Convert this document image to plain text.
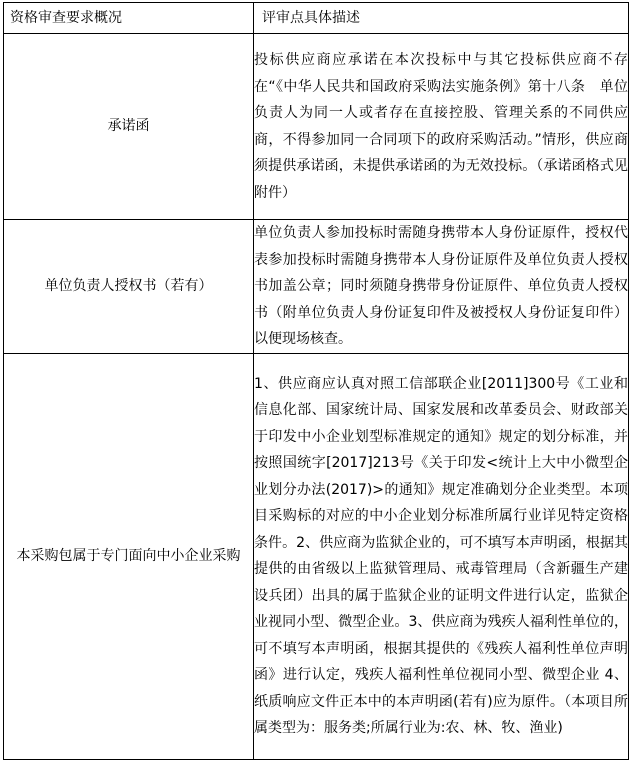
资格审查要求概况	评审点具体描述
承诺函	投标供应商应承诺在本次投标中与其它投标供应商不存在“《中华人民共和国政府采购法实施条例》第十八条　单位负责人为同一人或者存在直接控股、管理关系的不同供应商，不得参加同一合同项下的政府采购活动。”情形，供应商须提供承诺函，未提供承诺函的为无效投标。（承诺函格式见附件）
单位负责人授权书（若有）	单位负责人参加投标时需随身携带本人身份证原件，授权代表参加投标时需随身携带本人身份证原件及单位负责人授权书加盖公章；同时须随身携带身份证原件、单位负责人授权书（附单位负责人身份证复印件及被授权人身份证复印件）以便现场核查。
本采购包属于专门面向中小企业采购	1、供应商应认真对照工信部联企业[2011]300号《工业和信息化部、国家统计局、国家发展和改革委员会、财政部关于印发中小企业划型标准规定的通知》规定的划分标准，并按照国统字[2017]213号《关于印发<统计上大中小微型企业划分办法(2017)>的通知》规定准确划分企业类型。本项目采购标的对应的中小企业划分标准所属行业详见特定资格条件。2、供应商为监狱企业的，可不填写本声明函，根据其提供的由省级以上监狱管理局、戒毒管理局（含新疆生产建设兵团）出具的属于监狱企业的证明文件进行认定，监狱企业视同小型、微型企业。3、供应商为残疾人福利性单位的，可不填写本声明函，根据其提供的《残疾人福利性单位声明函》进行认定，残疾人福利性单位视同小型、微型企业 4、纸质响应文件正本中的本声明函(若有)应为原件。（本项目所属类型为：服务类;所属行业为:农、林、牧、渔业)
